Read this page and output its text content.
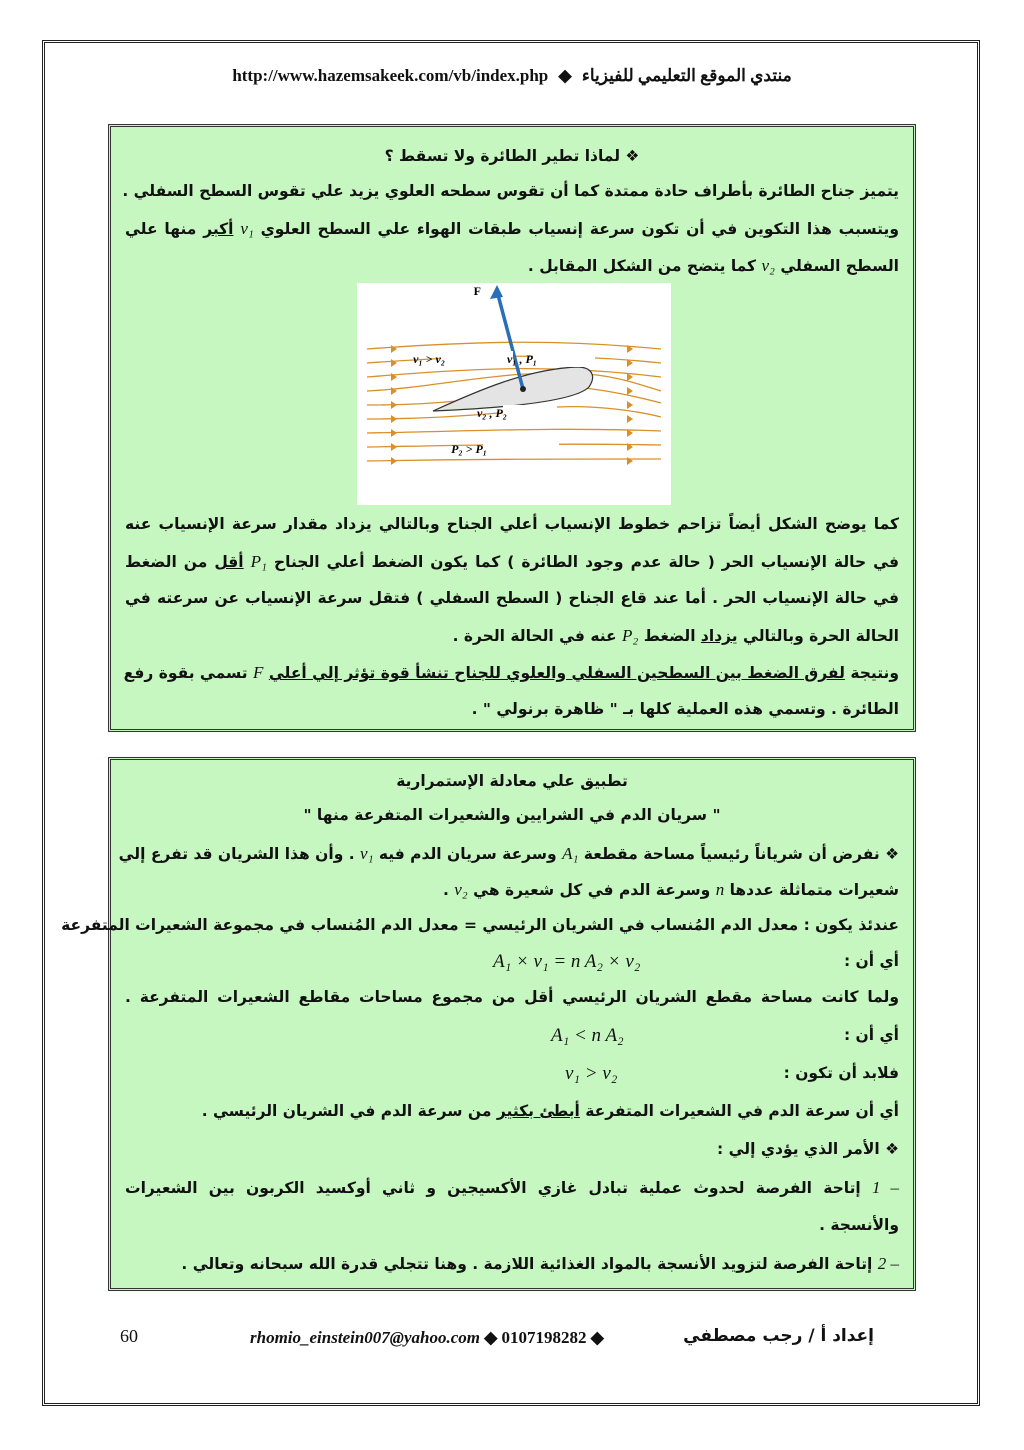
منتدي الموقع التعليمي للفيزياء ◆ http://www.hazemsakeek.com/vb/index.php
❖ لماذا تطير الطائرة ولا تسقط ؟
يتميز جناح الطائرة بأطراف حادة ممتدة كما أن تقوس سطحه العلوي يزيد علي تقوس السطح السفلي .
ويتسبب هذا التكوين في أن تكون سرعة إنسياب طبقات الهواء علي السطح العلوي v₁ أكبر منها علي
السطح السفلي v₂ كما يتضح من الشكل المقابل .
F
v₁ > v₂	v₁ , P₁
v₂ , P₂
P₂ > P₁
كما يوضح الشكل أيضاً تزاحم خطوط الإنسياب أعلي الجناح وبالتالي يزداد مقدار سرعة الإنسياب عنه
في حالة الإنسياب الحر ( حالة عدم وجود الطائرة ) كما يكون الضغط أعلي الجناح P₁ أقل من الضغط
في حالة الإنسياب الحر . أما عند قاع الجناح ( السطح السفلي ) فتقل سرعة الإنسياب عن سرعته في
الحالة الحرة وبالتالي يزداد الضغط P₂ عنه في الحالة الحرة .
ونتيجة لفرق الضغط بين السطحين السفلي والعلوي للجناح تنشأ قوة تؤثر إلي أعلي F تسمي بقوة رفع
الطائرة . وتسمي هذه العملية كلها بـ " ظاهرة برنولي " .
تطبيق علي معادلة الإستمرارية
" سريان الدم في الشرايين والشعيرات المتفرعة منها "
❖ نفرض أن شرياناً رئيسياً مساحة مقطعة A₁ وسرعة سريان الدم فيه v₁ . وأن هذا الشريان قد تفرع إلي
شعيرات متماثلة عددها n وسرعة الدم في كل شعيرة هي v₂ .
عندئذ يكون : معدل الدم المُنساب في الشريان الرئيسي = معدل الدم المُنساب في مجموعة الشعيرات المتفرعة
أي أن :
A₁ × v₁ = n A₂ × v₂
ولما كانت مساحة مقطع الشريان الرئيسي أقل من مجموع مساحات مقاطع الشعيرات المتفرعة .
أي أن :
A₁ < n A₂
فلابد أن تكون :
v₁ > v₂
أي أن سرعة الدم في الشعيرات المتفرعة أبطئ بكثير من سرعة الدم في الشريان الرئيسي .
❖ الأمر الذي يؤدي إلي :
1 – إتاحة الفرصة لحدوث عملية تبادل غازي الأكسيجين و ثاني أوكسيد الكربون بين الشعيرات
والأنسجة .
2 – إتاحة الفرصة لتزويد الأنسجة بالمواد الغذائية اللازمة . وهنا تتجلي قدرة الله سبحانه وتعالي .
60	rhomio_einstein007@yahoo.com ◆ 0107198282 ◆	إعداد أ / رجب مصطفي
